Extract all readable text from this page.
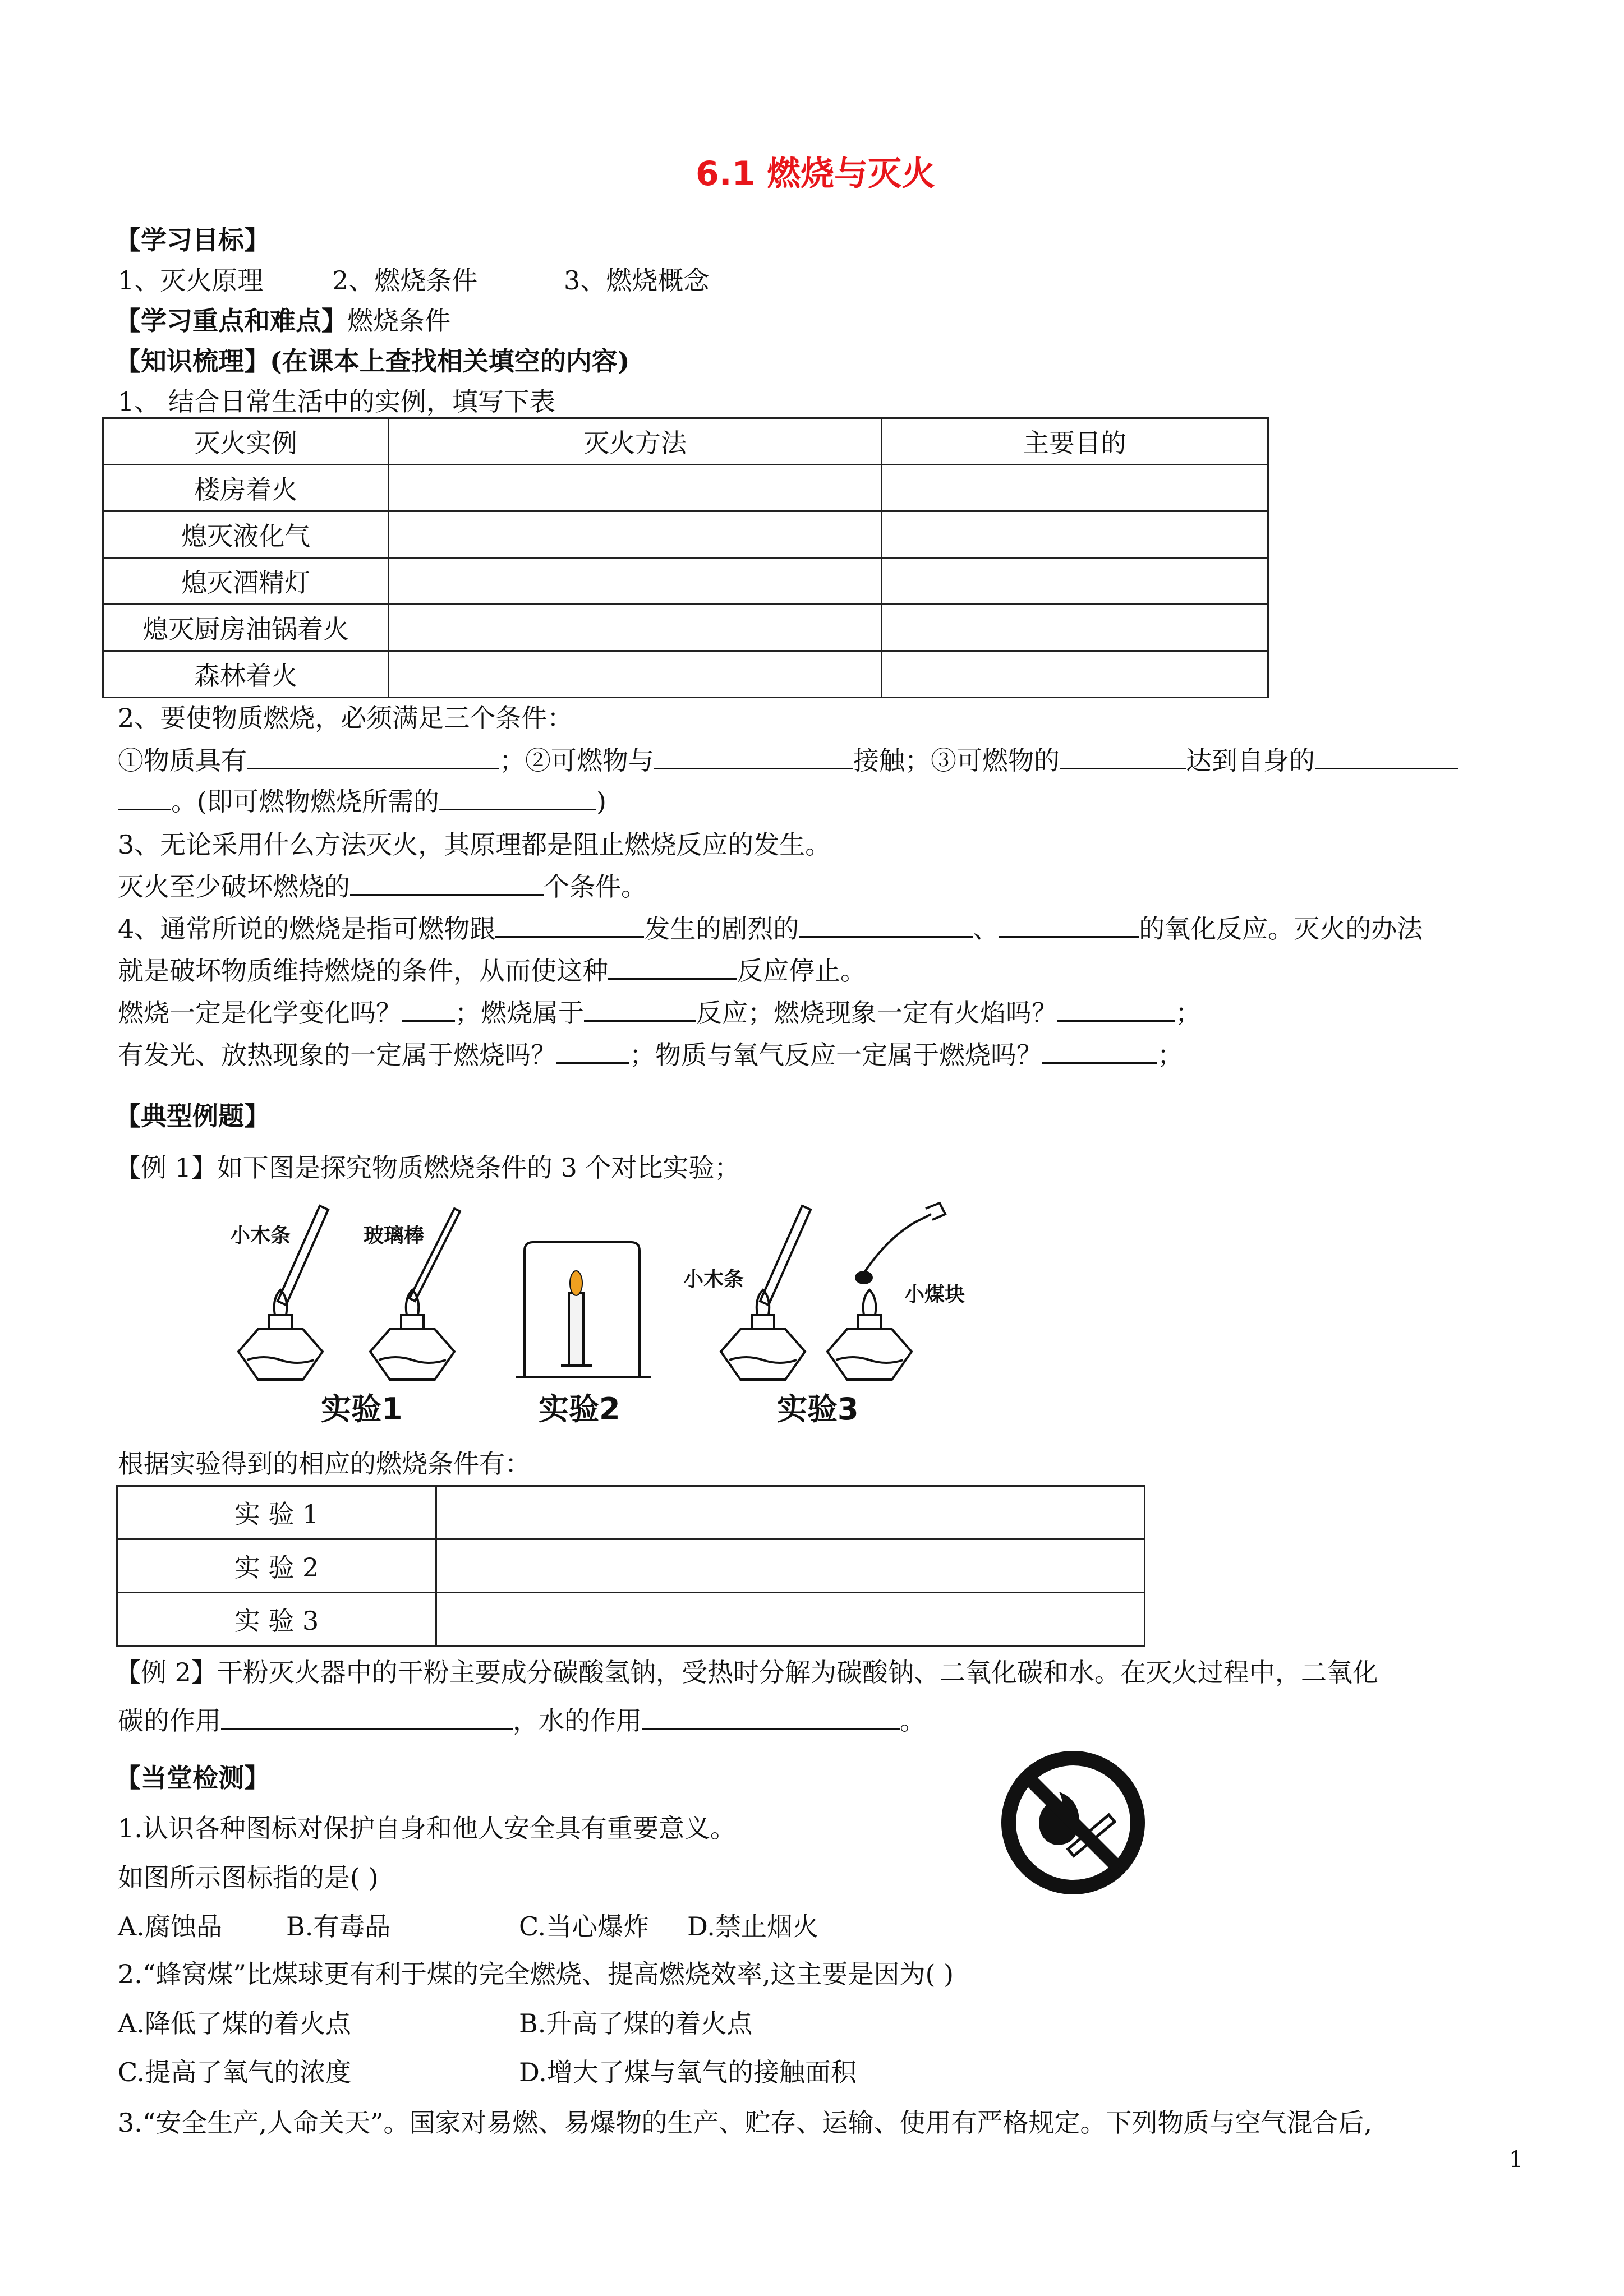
6.1 燃烧与灭火
【学习目标】
1、灭火原理	2、燃烧条件	3、燃烧概念
【学习重点和难点】燃烧条件
【知识梳理】(在课本上查找相关填空的内容)
1、 结合日常生活中的实例，填写下表
灭火实例	灭火方法	主要目的
楼房着火		
熄灭液化气		
熄灭酒精灯		
熄灭厨房油锅着火		
森林着火		
2、要使物质燃烧，必须满足三个条件：
①物质具有	；②可燃物与	接触；③可燃物的	达到自身的
。(即可燃物燃烧所需的	)
3、无论采用什么方法灭火，其原理都是阻止燃烧反应的发生。
灭火至少破坏燃烧的	个条件。
4、通常所说的燃烧是指可燃物跟	发生的剧烈的	、	的氧化反应。灭火的办法
就是破坏物质维持燃烧的条件，从而使这种	反应停止。
燃烧一定是化学变化吗？ ；燃烧属于	反应；燃烧现象一定有火焰吗？	；
有发光、放热现象的一定属于燃烧吗？	；物质与氧气反应一定属于燃烧吗？	；
【典型例题】
【例 1】如下图是探究物质燃烧条件的 3 个对比实验；
小木条	玻璃棒
小木条
小煤块
实验1	实验2	实验3
根据实验得到的相应的燃烧条件有：
实 验 1	
实 验 2	
实 验 3	
【例 2】干粉灭火器中的干粉主要成分碳酸氢钠，受热时分解为碳酸钠、二氧化碳和水。在灭火过程中，二氧化
碳的作用	，水的作用	。
【当堂检测】
1.认识各种图标对保护自身和他人安全具有重要意义。
如图所示图标指的是( )
A.腐蚀品 B.有毒品	C.当心爆炸 D.禁止烟火
2.“蜂窝煤”比煤球更有利于煤的完全燃烧、提高燃烧效率,这主要是因为( )
A.降低了煤的着火点	B.升高了煤的着火点
C.提高了氧气的浓度	D.增大了煤与氧气的接触面积
3.“安全生产,人命关天”。国家对易燃、易爆物的生产、贮存、运输、使用有严格规定。下列物质与空气混合后,
1
